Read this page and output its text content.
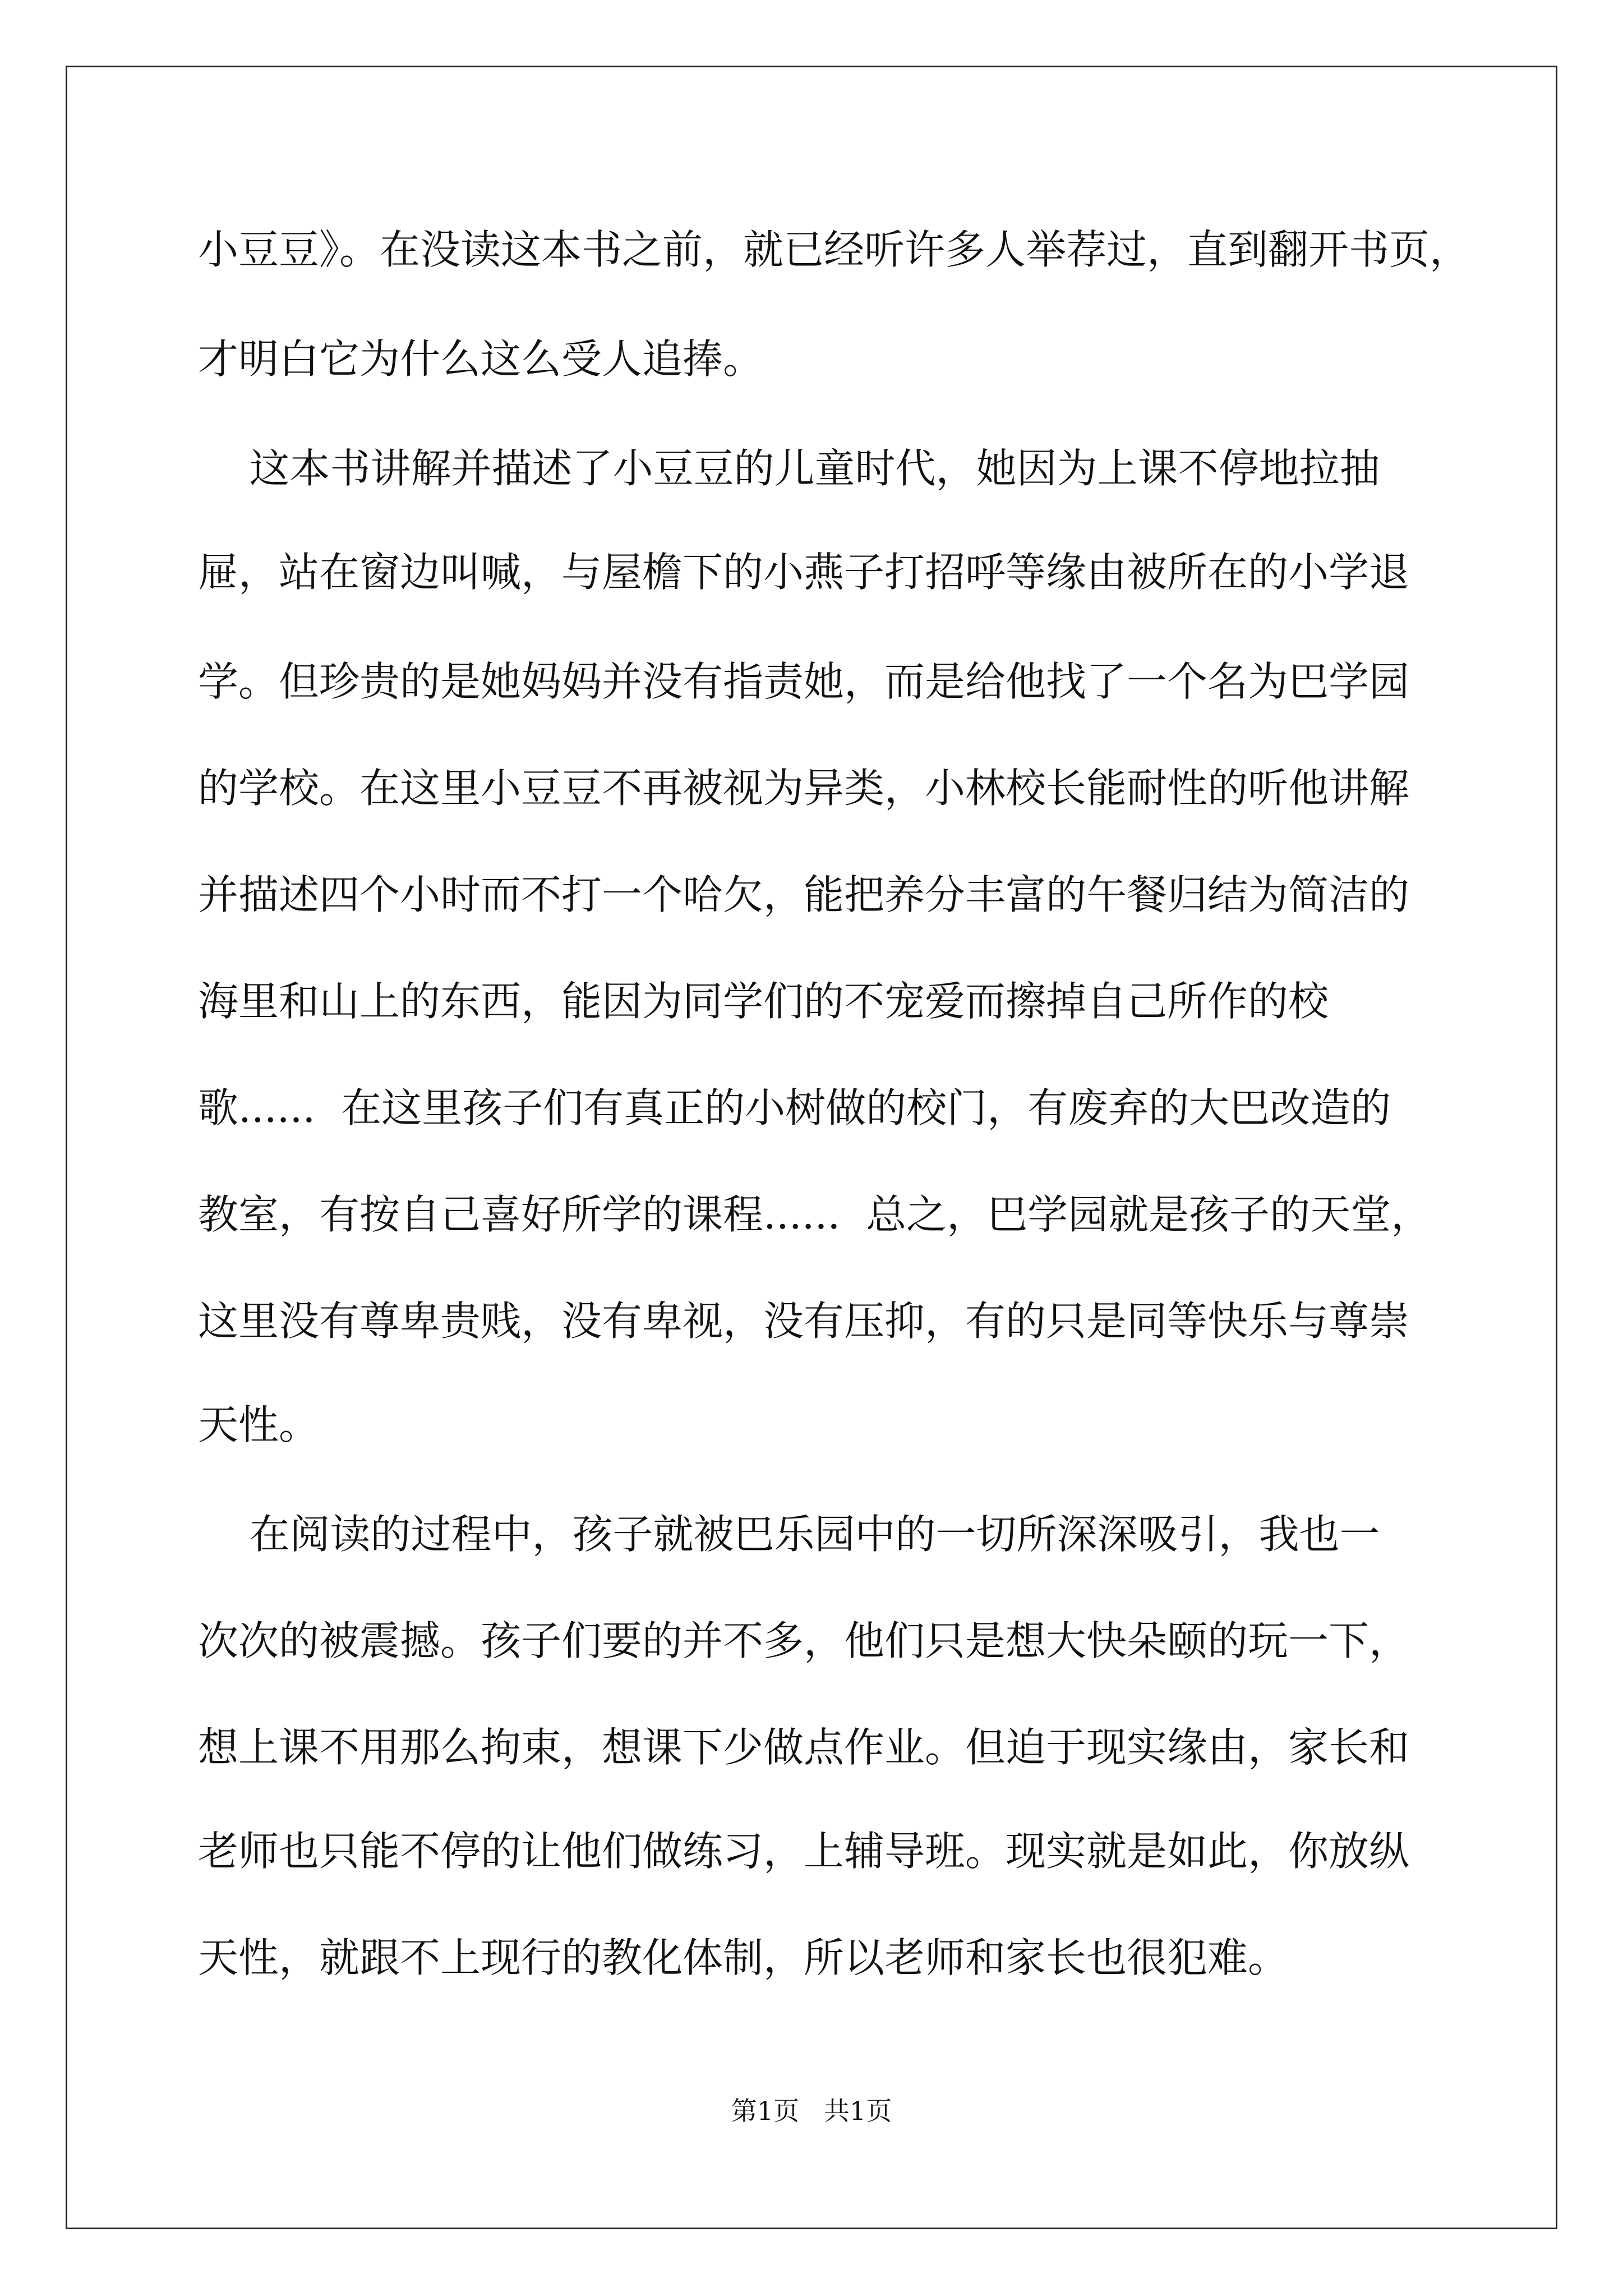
小豆豆》。在没读这本书之前，就已经听许多人举荐过，直到翻开书页，
才明白它为什么这么受人追捧。
这本书讲解并描述了小豆豆的儿童时代，她因为上课不停地拉抽
屉，站在窗边叫喊，与屋檐下的小燕子打招呼等缘由被所在的小学退
学。但珍贵的是她妈妈并没有指责她，而是给他找了一个名为巴学园
的学校。在这里小豆豆不再被视为异类，小林校长能耐性的听他讲解
并描述四个小时而不打一个哈欠，能把养分丰富的午餐归结为简洁的
海里和山上的东西，能因为同学们的不宠爱而擦掉自己所作的校
歌......  在这里孩子们有真正的小树做的校门，有废弃的大巴改造的
教室，有按自己喜好所学的课程......  总之，巴学园就是孩子的天堂，
这里没有尊卑贵贱，没有卑视，没有压抑，有的只是同等快乐与尊崇
天性。
在阅读的过程中，孩子就被巴乐园中的一切所深深吸引，我也一
次次的被震撼。孩子们要的并不多，他们只是想大快朵颐的玩一下，
想上课不用那么拘束，想课下少做点作业。但迫于现实缘由，家长和
老师也只能不停的让他们做练习，上辅导班。现实就是如此，你放纵
天性，就跟不上现行的教化体制，所以老师和家长也很犯难。
第1页   共1页
